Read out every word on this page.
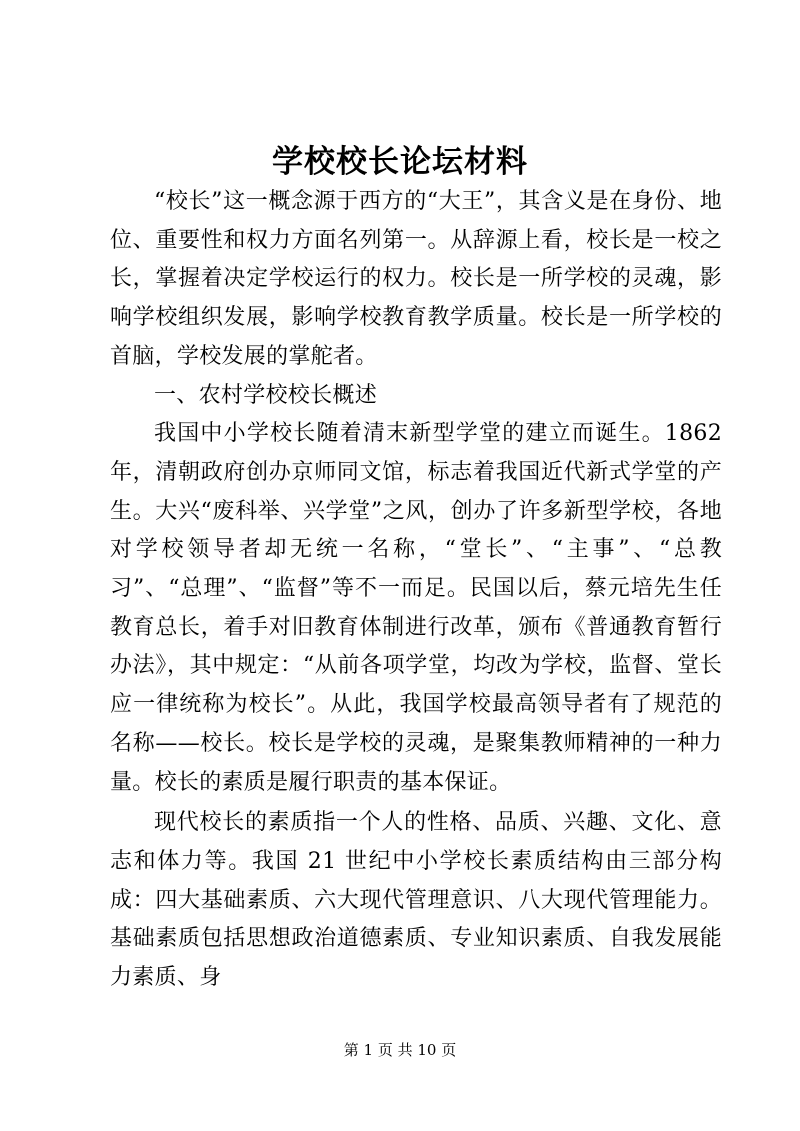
学校校长论坛材料

“校长”这一概念源于西方的“大王”，其含义是在身份、地位、重要性和权力方面名列第一。从辞源上看，校长是一校之长，掌握着决定学校运行的权力。校长是一所学校的灵魂，影响学校组织发展，影响学校教育教学质量。校长是一所学校的首脑，学校发展的掌舵者。

一、农村学校校长概述

我国中小学校长随着清末新型学堂的建立而诞生。1862 年，清朝政府创办京师同文馆，标志着我国近代新式学堂的产生。大兴“废科举、兴学堂”之风，创办了许多新型学校，各地对学校领导者却无统一名称，“堂长”、“主事”、“总教习”、“总理”、“监督”等不一而足。民国以后，蔡元培先生任教育总长，着手对旧教育体制进行改革，颁布《普通教育暂行办法》，其中规定：“从前各项学堂，均改为学校，监督、堂长应一律统称为校长”。从此，我国学校最高领导者有了规范的名称——校长。校长是学校的灵魂，是聚集教师精神的一种力量。校长的素质是履行职责的基本保证。

现代校长的素质指一个人的性格、品质、兴趣、文化、意志和体力等。我国 21 世纪中小学校长素质结构由三部分构成：四大基础素质、六大现代管理意识、八大现代管理能力。基础素质包括思想政治道德素质、专业知识素质、自我发展能力素质、身

第 1 页 共 10 页
